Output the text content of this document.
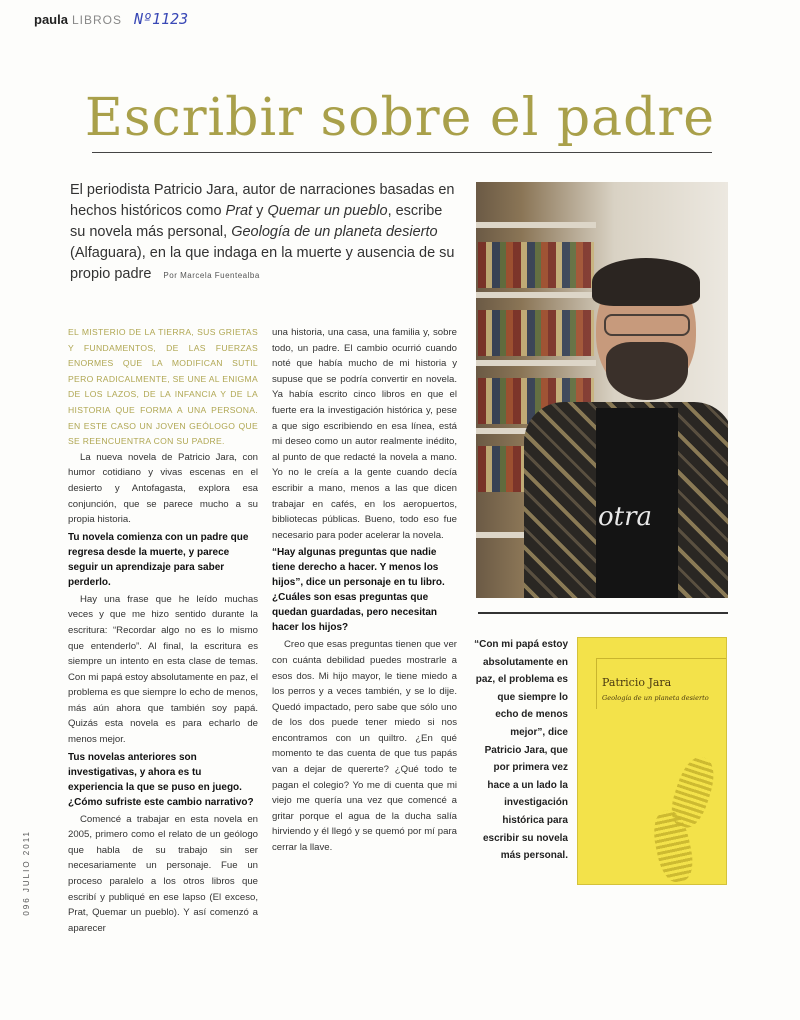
paula LIBROS Nº1123
Escribir sobre el padre

El periodista Patricio Jara, autor de narraciones basadas en hechos históricos como Prat y Quemar un pueblo, escribe su novela más personal, Geología de un planeta desierto (Alfaguara), en la que indaga en la muerte y ausencia de su propio padre Por Marcela Fuentealba

EL MISTERIO DE LA TIERRA, SUS GRIETAS Y FUNDAMENTOS, DE LAS FUERZAS ENORMES QUE LA MODIFICAN SUTIL PERO RADICALMENTE, SE UNE AL ENIGMA DE LOS LAZOS, DE LA INFANCIA Y DE LA HISTORIA QUE FORMA A UNA PERSONA. EN ESTE CASO UN JOVEN GEÓLOGO QUE SE REENCUENTRA CON SU PADRE.

La nueva novela de Patricio Jara, con humor cotidiano y vivas escenas en el desierto y Antofagasta, explora esa conjunción, que se parece mucho a su propia historia.

Tu novela comienza con un padre que regresa desde la muerte, y parece seguir un aprendizaje para saber perderlo.

Hay una frase que he leído muchas veces y que me hizo sentido durante la escritura: “Recordar algo no es lo mismo que entenderlo”. Al final, la escritura es siempre un intento en esta clase de temas. Con mi papá estoy absolutamente en paz, el problema es que siempre lo echo de menos, más aún ahora que también soy papá. Quizás esta novela es para echarlo de menos mejor.

Tus novelas anteriores son investigativas, y ahora es tu experiencia la que se puso en juego. ¿Cómo sufriste este cambio narrativo?

Comencé a trabajar en esta novela en 2005, primero como el relato de un geólogo que habla de su trabajo sin ser necesariamente un personaje. Fue un proceso paralelo a los otros libros que escribí y publiqué en ese lapso (El exceso, Prat, Quemar un pueblo). Y así comenzó a aparecer

una historia, una casa, una familia y, sobre todo, un padre. El cambio ocurrió cuando noté que había mucho de mi historia y supuse que se podría convertir en novela. Ya había escrito cinco libros en que el fuerte era la investigación histórica y, pese a que sigo escribiendo en esa línea, está mi deseo como un autor realmente inédito, al punto de que redacté la novela a mano. Yo no le creía a la gente cuando decía escribir a mano, menos a las que dicen trabajar en cafés, en los aeropuertos, bibliotecas públicas. Bueno, todo eso fue necesario para poder acelerar la novela.

“Hay algunas preguntas que nadie tiene derecho a hacer. Y menos los hijos”, dice un personaje en tu libro. ¿Cuáles son esas preguntas que quedan guardadas, pero necesitan hacer los hijos?

Creo que esas preguntas tienen que ver con cuánta debilidad puedes mostrarle a esos dos. Mi hijo mayor, le tiene miedo a los perros y a veces también, y se lo dije. Quedó impactado, pero sabe que sólo uno de los dos puede tener miedo si nos encontramos con un quiltro. ¿En qué momento te das cuenta de que tus papás van a dejar de quererte? ¿Qué todo te pagan el colegio? Yo me di cuenta que mi viejo me quería una vez que comencé a gritar porque el agua de la ducha salía hirviendo y él llegó y se quemó por mí para cerrar la llave.

otra

“Con mi papá estoy absolutamente en paz, el problema es que siempre lo echo de menos mejor”, dice Patricio Jara, que por primera vez hace a un lado la investigación histórica para escribir su novela más personal.

Patricio Jara
Geología de un planeta desierto
096 JULIO 2011
